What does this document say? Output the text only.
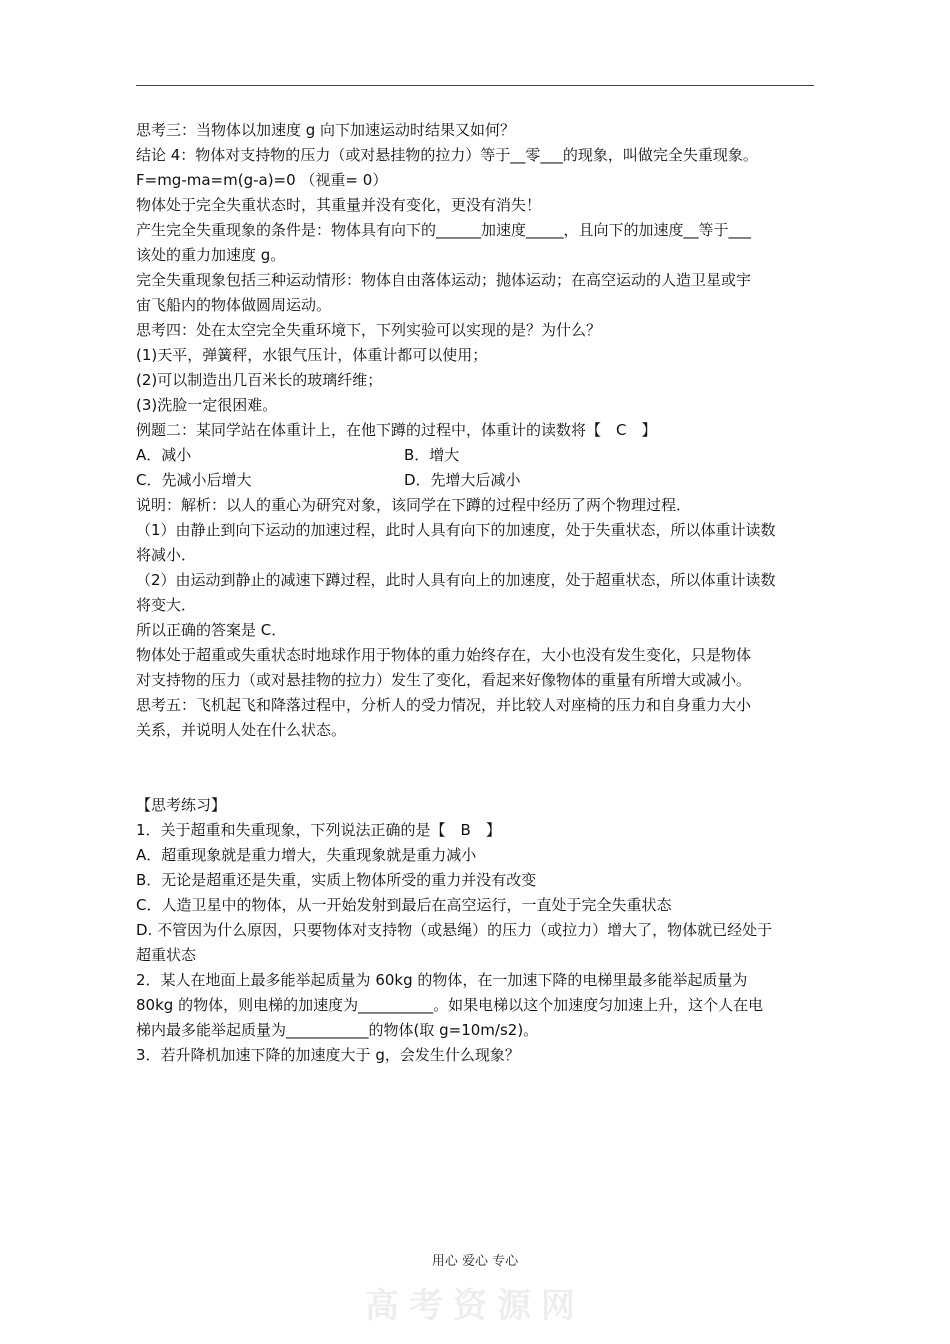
思考三：当物体以加速度 g 向下加速运动时结果又如何？

结论 4：物体对支持物的压力（或对悬挂物的拉力）等于__零___的现象，叫做完全失重现象。

F=mg-ma=m(g-a)=0 （视重= 0）

物体处于完全失重状态时，其重量并没有变化，更没有消失！

产生完全失重现象的条件是：物体具有向下的______加速度_____，且向下的加速度__等于___

该处的重力加速度 g。

完全失重现象包括三种运动情形：物体自由落体运动；抛体运动；在高空运动的人造卫星或宇

宙飞船内的物体做圆周运动。

思考四：处在太空完全失重环境下，下列实验可以实现的是？为什么？

(1)天平，弹簧秤，水银气压计，体重计都可以使用；

(2)可以制造出几百米长的玻璃纤维；

(3)洗脸一定很困难。

例题二：某同学站在体重计上，在他下蹲的过程中，体重计的读数将【　C　】

A．减小	B．增大
C．先减小后增大	D．先增大后减小

说明：解析：以人的重心为研究对象，该同学在下蹲的过程中经历了两个物理过程．

（1）由静止到向下运动的加速过程，此时人具有向下的加速度，处于失重状态，所以体重计读数

将减小．

（2）由运动到静止的减速下蹲过程，此时人具有向上的加速度，处于超重状态，所以体重计读数

将变大．

所以正确的答案是 C．

物体处于超重或失重状态时地球作用于物体的重力始终存在，大小也没有发生变化，只是物体

对支持物的压力（或对悬挂物的拉力）发生了变化，看起来好像物体的重量有所增大或减小。

思考五：飞机起飞和降落过程中，分析人的受力情况，并比较人对座椅的压力和自身重力大小

关系，并说明人处在什么状态。

【思考练习】

1．关于超重和失重现象，下列说法正确的是【　B　】

A．超重现象就是重力增大，失重现象就是重力减小

B．无论是超重还是失重，实质上物体所受的重力并没有改变

C．人造卫星中的物体，从一开始发射到最后在高空运行，一直处于完全失重状态

D. 不管因为什么原因，只要物体对支持物（或悬绳）的压力（或拉力）增大了，物体就已经处于

超重状态

2．某人在地面上最多能举起质量为 60kg 的物体，在一加速下降的电梯里最多能举起质量为

80kg 的物体，则电梯的加速度为__________。如果电梯以这个加速度匀加速上升，这个人在电

梯内最多能举起质量为___________的物体(取 g=10m/s2)。

3．若升降机加速下降的加速度大于 g，会发生什么现象？

用心 爱心 专心
高考资源网
